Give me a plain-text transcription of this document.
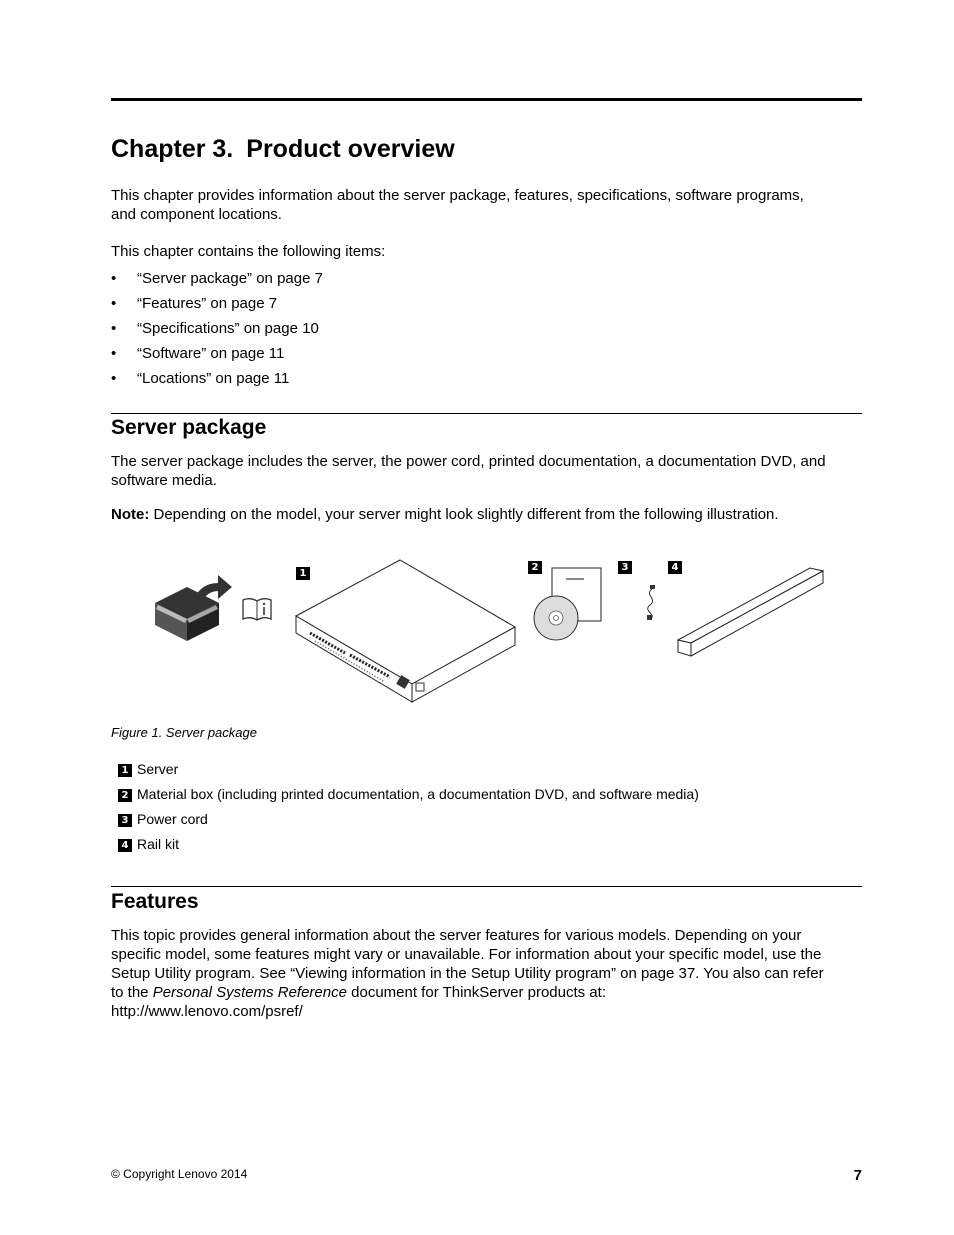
Chapter 3. Product overview
This chapter provides information about the server package, features, specifications, software programs,
and component locations.
This chapter contains the following items:
• “Server package” on page 7
• “Features” on page 7
• “Specifications” on page 10
• “Software” on page 11
• “Locations” on page 11
Server package
The server package includes the server, the power cord, printed documentation, a documentation DVD, and
software media.
Note: Depending on the model, your server might look slightly different from the following illustration.
1
2	3	4
Figure 1. Server package
1 Server
2 Material box (including printed documentation, a documentation DVD, and software media)
3 Power cord
4 Rail kit
Features
This topic provides general information about the server features for various models. Depending on your
specific model, some features might vary or unavailable. For information about your specific model, use the
Setup Utility program. See “Viewing information in the Setup Utility program” on page 37. You also can refer
to the Personal Systems Reference document for ThinkServer products at:
http://www.lenovo.com/psref/
© Copyright Lenovo 2014	7
